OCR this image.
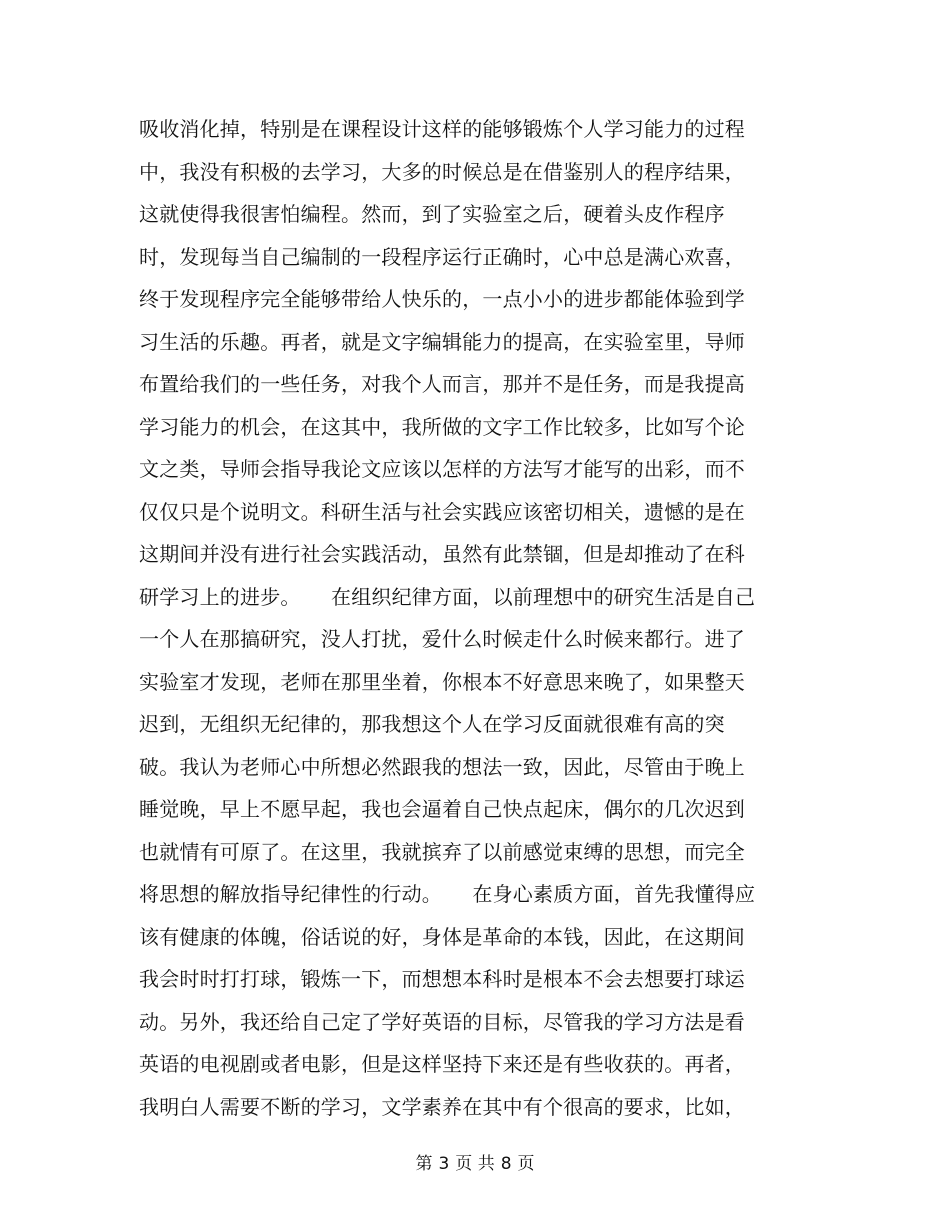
吸收消化掉，特别是在课程设计这样的能够锻炼个人学习能力的过程
中，我没有积极的去学习，大多的时候总是在借鉴别人的程序结果，
这就使得我很害怕编程。然而，到了实验室之后，硬着头皮作程序
时，发现每当自己编制的一段程序运行正确时，心中总是满心欢喜，
终于发现程序完全能够带给人快乐的，一点小小的进步都能体验到学
习生活的乐趣。再者，就是文字编辑能力的提高，在实验室里，导师
布置给我们的一些任务，对我个人而言，那并不是任务，而是我提高
学习能力的机会，在这其中，我所做的文字工作比较多，比如写个论
文之类，导师会指导我论文应该以怎样的方法写才能写的出彩，而不
仅仅只是个说明文。科研生活与社会实践应该密切相关，遗憾的是在
这期间并没有进行社会实践活动，虽然有此禁锢，但是却推动了在科
研学习上的进步。　　在组织纪律方面，以前理想中的研究生活是自己
一个人在那搞研究，没人打扰，爱什么时候走什么时候来都行。进了
实验室才发现，老师在那里坐着，你根本不好意思来晚了，如果整天
迟到，无组织无纪律的，那我想这个人在学习反面就很难有高的突
破。我认为老师心中所想必然跟我的想法一致，因此，尽管由于晚上
睡觉晚，早上不愿早起，我也会逼着自己快点起床，偶尔的几次迟到
也就情有可原了。在这里，我就摈弃了以前感觉束缚的思想，而完全
将思想的解放指导纪律性的行动。　　在身心素质方面，首先我懂得应
该有健康的体魄，俗话说的好，身体是革命的本钱，因此，在这期间
我会时时打打球，锻炼一下，而想想本科时是根本不会去想要打球运
动。另外，我还给自己定了学好英语的目标，尽管我的学习方法是看
英语的电视剧或者电影，但是这样坚持下来还是有些收获的。再者，
我明白人需要不断的学习，文学素养在其中有个很高的要求，比如，
第 3 页 共 8 页
